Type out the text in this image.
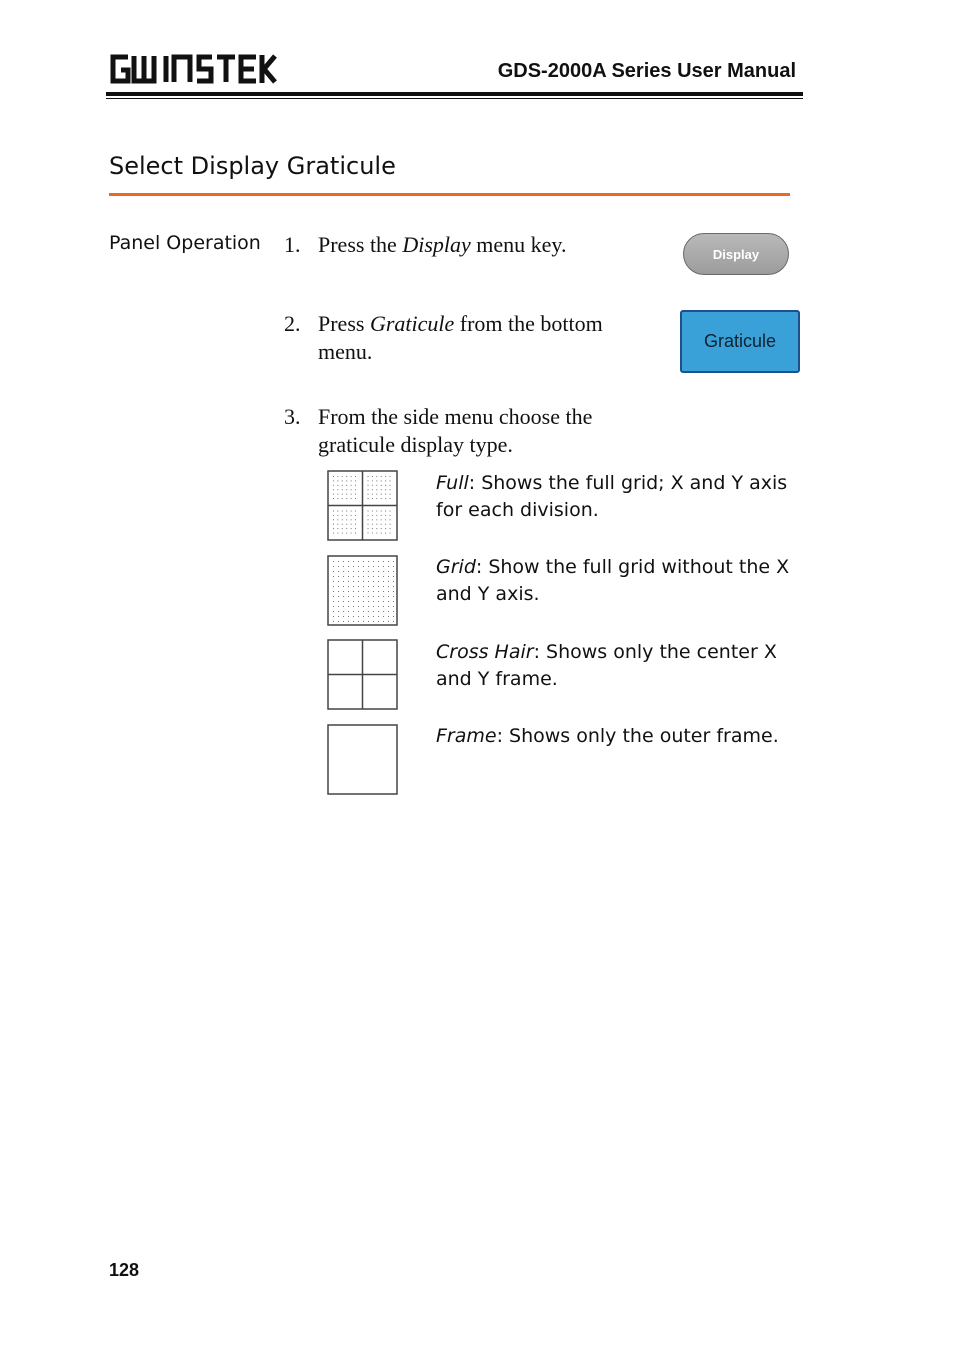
GDS-2000A Series User Manual
Select Display Graticule
Panel Operation 1. Press the Display menu key.	Display
2. Press Graticule from the bottom menu.	Graticule
3. From the side menu choose the graticule display type.
Full: Shows the full grid; X and Y axis for each division.
Grid: Show the full grid without the X and Y axis.
Cross Hair: Shows only the center X and Y frame.
Frame: Shows only the outer frame.
128
